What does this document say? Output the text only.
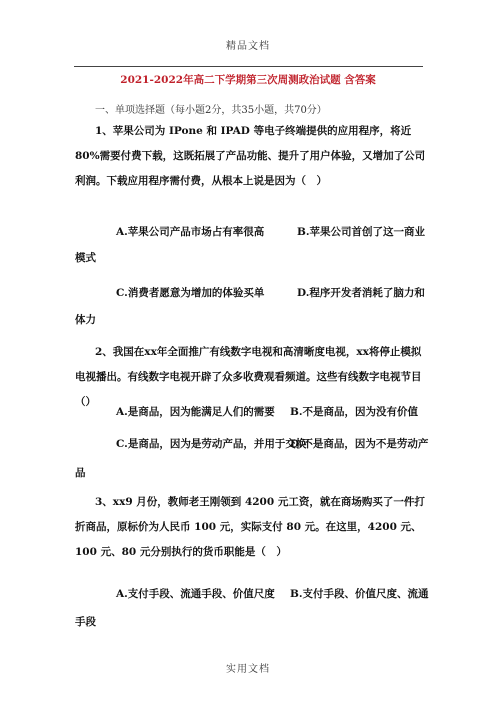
精品文档
2021-2022年高二下学期第三次周测政治试题 含答案
一、单项选择题（每小题2分，共35小题，共70分）

1、苹果公司为 IPone 和 IPAD 等电子终端提供的应用程序，将近 80%需要付费下载，这既拓展了产品功能、提升了用户体验，又增加了公司利润。下载应用程序需付费，从根本上说是因为（　）

A.苹果公司产品市场占有率很高	B.苹果公司首创了这一商业
模式
C.消费者愿意为增加的体验买单	D.程序开发者消耗了脑力和
体力

2、我国在xx年全面推广有线数字电视和高清晰度电视，xx将停止模拟电视播出。有线数字电视开辟了众多收费观看频道。这些有线数字电视节目（）

A.是商品，因为能满足人们的需要 B.不是商品，因为没有价值
C.是商品，因为是劳动产品，并用于交换
D.不是商品，因为不是劳动产
品

3、xx9 月份，教师老王刚领到 4200 元工资，就在商场购买了一件打折商品，原标价为人民币 100 元，实际支付 80 元。在这里，4200 元、100 元、80 元分别执行的货币职能是（　）

A.支付手段、流通手段、价值尺度 B.支付手段、价值尺度、流通
手段
实用文档
